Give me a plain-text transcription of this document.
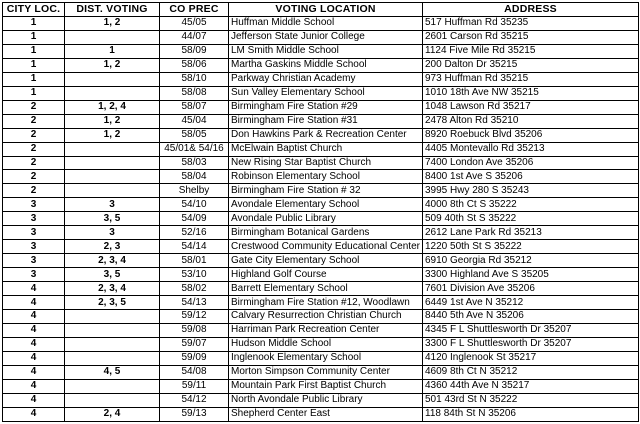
CITY LOC.	DIST. VOTING	CO PREC	VOTING LOCATION	ADDRESS
1	1, 2	45/05	Huffman Middle School	517 Huffman Rd 35235
1		44/07	Jefferson State Junior College	2601 Carson Rd 35215
1	1	58/09	LM Smith Middle School	1124 Five Mile Rd 35215
1	1, 2	58/06	Martha Gaskins Middle School	200 Dalton Dr 35215
1		58/10	Parkway Christian Academy	973 Huffman Rd 35215
1		58/08	Sun Valley Elementary School	1010 18th Ave NW 35215
2	1, 2, 4	58/07	Birmingham Fire Station #29	1048 Lawson Rd 35217
2	1, 2	45/04	Birmingham Fire Station #31	2478 Alton Rd 35210
2	1, 2	58/05	Don Hawkins Park & Recreation Center	8920 Roebuck Blvd 35206
2		45/01& 54/16	McElwain Baptist Church	4405 Montevallo Rd 35213
2		58/03	New Rising Star Baptist Church	7400 London Ave 35206
2		58/04	Robinson Elementary School	8400 1st Ave S 35206
2		Shelby	Birmingham Fire Station # 32	3995 Hwy 280 S 35243
3	3	54/10	Avondale Elementary School	4000 8th Ct S 35222
3	3, 5	54/09	Avondale Public Library	509 40th St S 35222
3	3	52/16	Birmingham Botanical Gardens	2612 Lane Park Rd 35213
3	2, 3	54/14	Crestwood Community Educational Center	1220 50th St S 35222
3	2, 3, 4	58/01	Gate City Elementary School	6910 Georgia Rd 35212
3	3, 5	53/10	Highland Golf Course	3300 Highland Ave S 35205
4	2, 3, 4	58/02	Barrett Elementary School	7601 Division Ave 35206
4	2, 3, 5	54/13	Birmingham Fire Station #12, Woodlawn	6449 1st Ave N 35212
4		59/12	Calvary Resurrection Christian Church	8440 5th Ave N 35206
4		59/08	Harriman Park Recreation Center	4345 F L Shuttlesworth Dr 35207
4		59/07	Hudson Middle School	3300 F L Shuttlesworth Dr 35207
4		59/09	Inglenook Elementary School	4120 Inglenook St 35217
4	4, 5	54/08	Morton Simpson Community Center	4609 8th Ct N 35212
4		59/11	Mountain Park First Baptist Church	4360 44th Ave N 35217
4		54/12	North Avondale Public Library	501 43rd St N 35222
4	2, 4	59/13	Shepherd Center East	118 84th St N 35206
